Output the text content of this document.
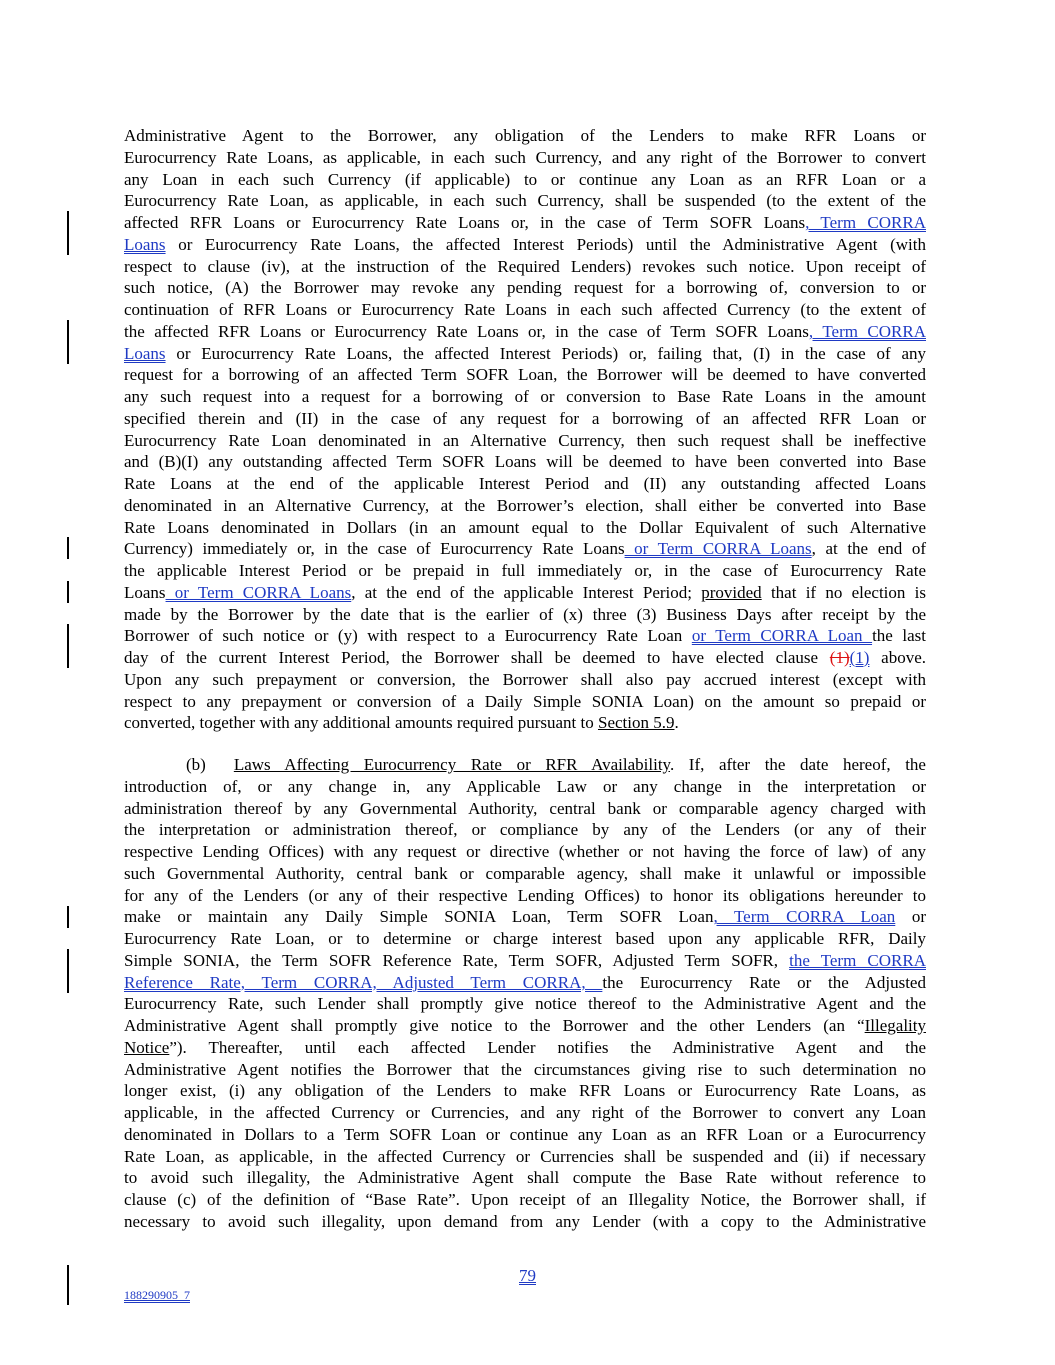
Administrative Agent to the Borrower, any obligation of the Lenders to make RFR Loans or
Eurocurrency Rate Loans, as applicable, in each such Currency, and any right of the Borrower to convert
any Loan in each such Currency (if applicable) to or continue any Loan as an RFR Loan or a
Eurocurrency Rate Loan, as applicable, in each such Currency, shall be suspended (to the extent of the
affected RFR Loans or Eurocurrency Rate Loans or, in the case of Term SOFR Loans, Term CORRA
Loans or Eurocurrency Rate Loans, the affected Interest Periods) until the Administrative Agent (with
respect to clause (iv), at the instruction of the Required Lenders) revokes such notice. Upon receipt of
such notice, (A) the Borrower may revoke any pending request for a borrowing of, conversion to or
continuation of RFR Loans or Eurocurrency Rate Loans in each such affected Currency (to the extent of
the affected RFR Loans or Eurocurrency Rate Loans or, in the case of Term SOFR Loans, Term CORRA
Loans or Eurocurrency Rate Loans, the affected Interest Periods) or, failing that, (I) in the case of any
request for a borrowing of an affected Term SOFR Loan, the Borrower will be deemed to have converted
any such request into a request for a borrowing of or conversion to Base Rate Loans in the amount
specified therein and (II) in the case of any request for a borrowing of an affected RFR Loan or
Eurocurrency Rate Loan denominated in an Alternative Currency, then such request shall be ineffective
and (B)(I) any outstanding affected Term SOFR Loans will be deemed to have been converted into Base
Rate Loans at the end of the applicable Interest Period and (II) any outstanding affected Loans
denominated in an Alternative Currency, at the Borrower’s election, shall either be converted into Base
Rate Loans denominated in Dollars (in an amount equal to the Dollar Equivalent of such Alternative
Currency) immediately or, in the case of Eurocurrency Rate Loans or Term CORRA Loans, at the end of
the applicable Interest Period or be prepaid in full immediately or, in the case of Eurocurrency Rate
Loans or Term CORRA Loans, at the end of the applicable Interest Period; provided that if no election is
made by the Borrower by the date that is the earlier of (x) three (3) Business Days after receipt by the
Borrower of such notice or (y) with respect to a Eurocurrency Rate Loan or Term CORRA Loan the last
day of the current Interest Period, the Borrower shall be deemed to have elected clause (1)(1) above.
Upon any such prepayment or conversion, the Borrower shall also pay accrued interest (except with
respect to any prepayment or conversion of a Daily Simple SONIA Loan) on the amount so prepaid or
converted, together with any additional amounts required pursuant to Section 5.9.
(b) Laws Affecting Eurocurrency Rate or RFR Availability. If, after the date hereof, the
introduction of, or any change in, any Applicable Law or any change in the interpretation or
administration thereof by any Governmental Authority, central bank or comparable agency charged with
the interpretation or administration thereof, or compliance by any of the Lenders (or any of their
respective Lending Offices) with any request or directive (whether or not having the force of law) of any
such Governmental Authority, central bank or comparable agency, shall make it unlawful or impossible
for any of the Lenders (or any of their respective Lending Offices) to honor its obligations hereunder to
make or maintain any Daily Simple SONIA Loan, Term SOFR Loan, Term CORRA Loan or
Eurocurrency Rate Loan, or to determine or charge interest based upon any applicable RFR, Daily
Simple SONIA, the Term SOFR Reference Rate, Term SOFR, Adjusted Term SOFR, the Term CORRA
Reference Rate, Term CORRA, Adjusted Term CORRA, the Eurocurrency Rate or the Adjusted
Eurocurrency Rate, such Lender shall promptly give notice thereof to the Administrative Agent and the
Administrative Agent shall promptly give notice to the Borrower and the other Lenders (an “Illegality
Notice”). Thereafter, until each affected Lender notifies the Administrative Agent and the
Administrative Agent notifies the Borrower that the circumstances giving rise to such determination no
longer exist, (i) any obligation of the Lenders to make RFR Loans or Eurocurrency Rate Loans, as
applicable, in the affected Currency or Currencies, and any right of the Borrower to convert any Loan
denominated in Dollars to a Term SOFR Loan or continue any Loan as an RFR Loan or a Eurocurrency
Rate Loan, as applicable, in the affected Currency or Currencies shall be suspended and (ii) if necessary
to avoid such illegality, the Administrative Agent shall compute the Base Rate without reference to
clause (c) of the definition of “Base Rate”. Upon receipt of an Illegality Notice, the Borrower shall, if
necessary to avoid such illegality, upon demand from any Lender (with a copy to the Administrative
79
188290905_7
